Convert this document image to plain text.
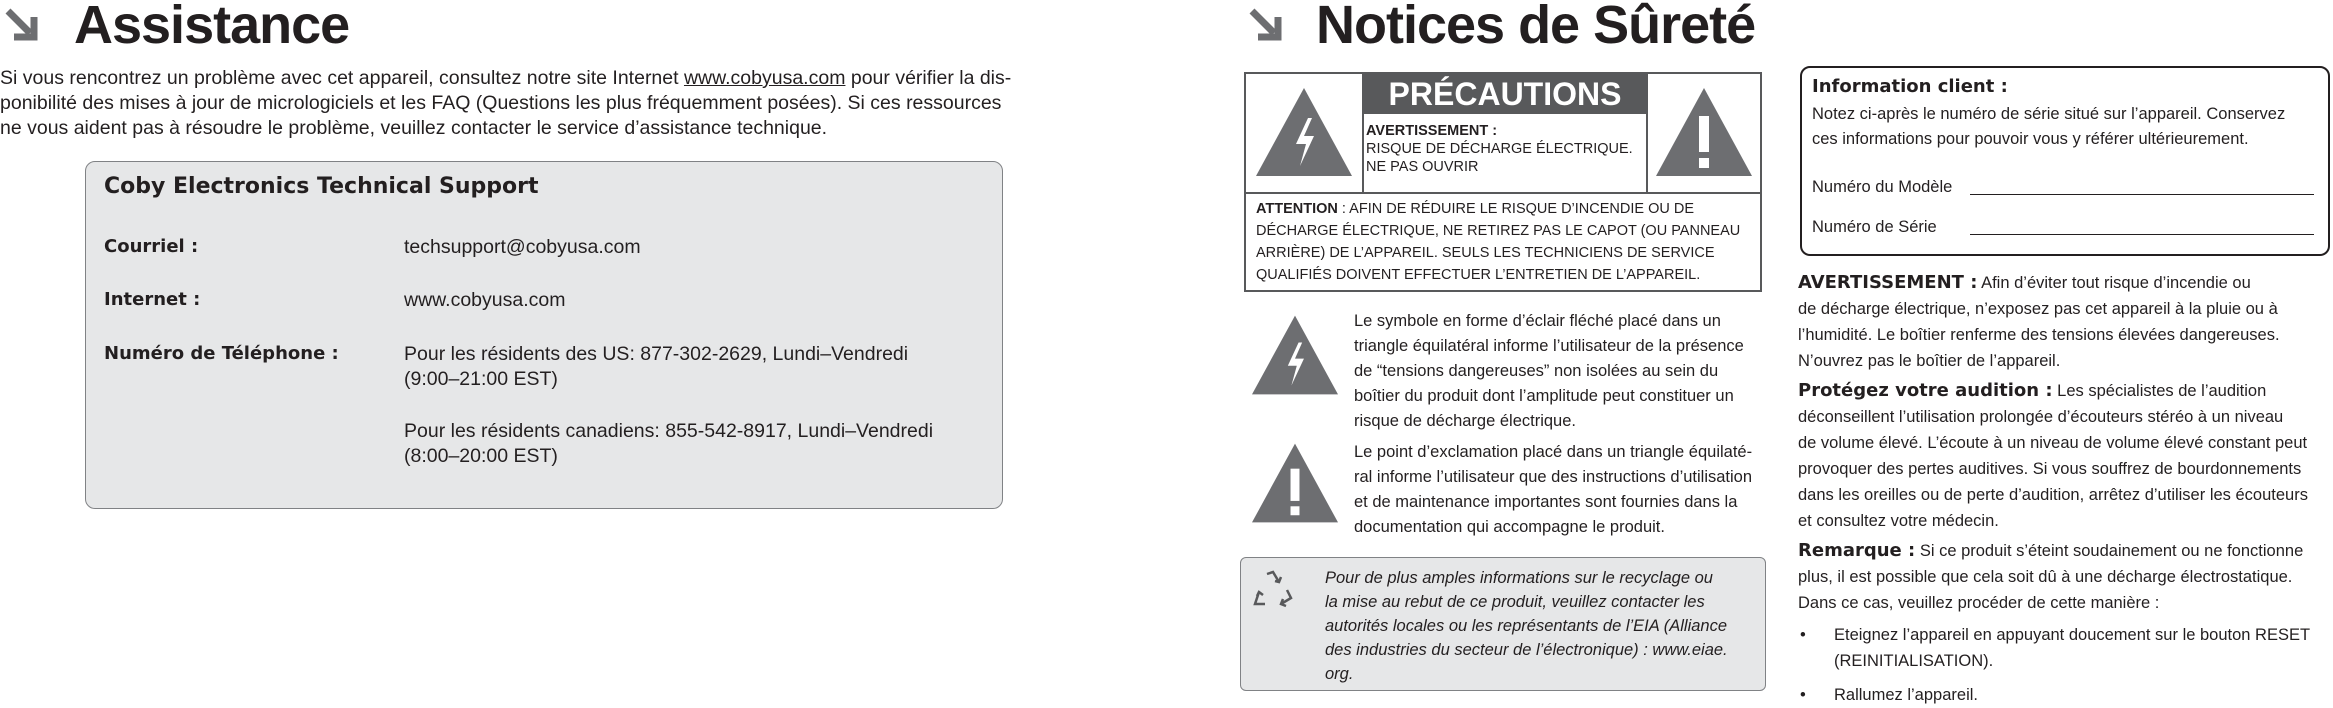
Assistance
Si vous rencontrez un problème avec cet appareil, consultez notre site Internet www.cobyusa.com pour vérifier la dis-
ponibilité des mises à jour de micrologiciels et les FAQ (Questions les plus fréquemment posées). Si ces ressources
ne vous aident pas à résoudre le problème, veuillez contacter le service d’assistance technique.
Coby Electronics Technical Support
Courriel :	techsupport@cobyusa.com
Internet :	www.cobyusa.com
Numéro de Téléphone :	Pour les résidents des US: 877-302-2629, Lundi–Vendredi
(9:00–21:00 EST)
Pour les résidents canadiens: 855-542-8917, Lundi–Vendredi
(8:00–20:00 EST)
Notices de Sûreté
PRÉCAUTIONS
AVERTISSEMENT :
RISQUE DE DÉCHARGE ÉLECTRIQUE.
NE PAS OUVRIR
ATTENTION : AFIN DE RÉDUIRE LE RISQUE D’INCENDIE OU DE
DÉCHARGE ÉLECTRIQUE, NE RETIREZ PAS LE CAPOT (OU PANNEAU
ARRIÈRE) DE L’APPAREIL. SEULS LES TECHNICIENS DE SERVICE
QUALIFIÉS DOIVENT EFFECTUER L’ENTRETIEN DE L’APPAREIL.
Le symbole en forme d’éclair fléché placé dans un
triangle équilatéral informe l’utilisateur de la présence
de “tensions dangereuses” non isolées au sein du
boîtier du produit dont l’amplitude peut constituer un
risque de décharge électrique.
Le point d’exclamation placé dans un triangle équilaté-
ral informe l’utilisateur que des instructions d’utilisation
et de maintenance importantes sont fournies dans la
documentation qui accompagne le produit.
Pour de plus amples informations sur le recyclage ou
la mise au rebut de ce produit, veuillez contacter les
autorités locales ou les représentants de l’EIA (Alliance
des industries du secteur de l’électronique) : www.eiae.
org.
Information client :
Notez ci-après le numéro de série situé sur l’appareil. Conservez
ces informations pour pouvoir vous y référer ultérieurement.
Numéro du Modèle
Numéro de Série
AVERTISSEMENT : Afin d’éviter tout risque d’incendie ou
de décharge électrique, n’exposez pas cet appareil à la pluie ou à
l’humidité. Le boîtier renferme des tensions élevées dangereuses.
N’ouvrez pas le boîtier de l’appareil.
Protégez votre audition : Les spécialistes de l’audition
déconseillent l’utilisation prolongée d’écouteurs stéréo à un niveau
de volume élevé. L’écoute à un niveau de volume élevé constant peut
provoquer des pertes auditives. Si vous souffrez de bourdonnements
dans les oreilles ou de perte d’audition, arrêtez d’utiliser les écouteurs
et consultez votre médecin.
Remarque : Si ce produit s’éteint soudainement ou ne fonctionne
plus, il est possible que cela soit dû à une décharge électrostatique.
Dans ce cas, veuillez procéder de cette manière :
• Eteignez l’appareil en appuyant doucement sur le bouton RESET
(REINITIALISATION).
• Rallumez l’appareil.
